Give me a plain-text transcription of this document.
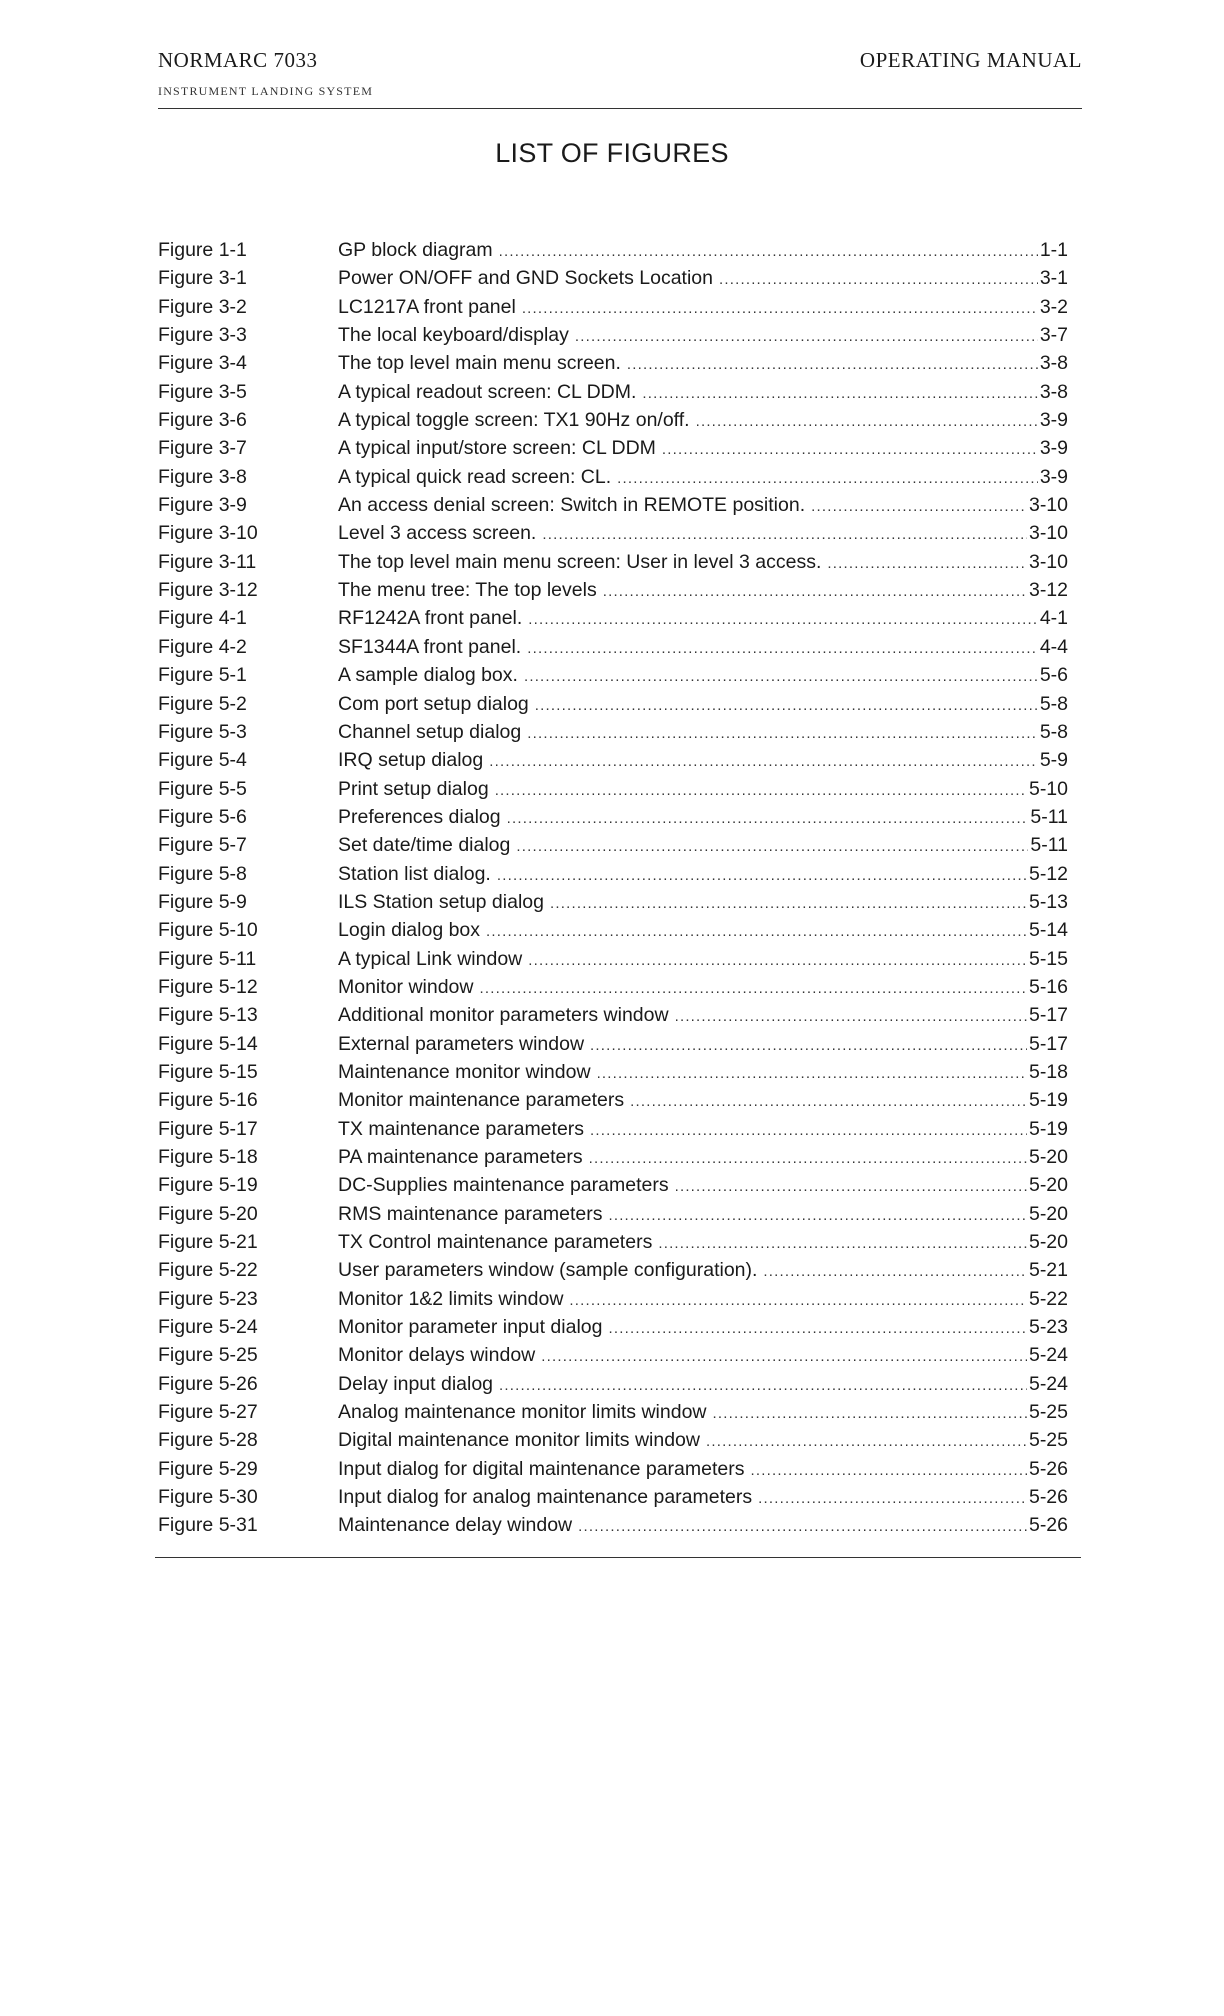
NORMARC 7033
INSTRUMENT LANDING SYSTEM
OPERATING MANUAL
LIST OF FIGURES
Figure 1-1	GP block diagram .....	1-1
Figure 3-1	Power ON/OFF and GND Sockets Location .....	3-1
Figure 3-2	LC1217A front panel .....	3-2
Figure 3-3	The local keyboard/display .....	3-7
Figure 3-4	The top level main menu screen. .....	3-8
Figure 3-5	A typical readout screen: CL DDM. .....	3-8
Figure 3-6	A typical toggle screen: TX1 90Hz on/off. .....	3-9
Figure 3-7	A typical input/store screen: CL DDM .....	3-9
Figure 3-8	A typical quick read screen: CL. .....	3-9
Figure 3-9	An access denial screen: Switch in REMOTE position. .....	3-10
Figure 3-10	Level 3 access screen. .....	3-10
Figure 3-11	The top level main menu screen: User in level 3 access. .....	3-10
Figure 3-12	The menu tree: The top levels .....	3-12
Figure 4-1	RF1242A front panel. .....	4-1
Figure 4-2	SF1344A front panel. .....	4-4
Figure 5-1	A sample dialog box. .....	5-6
Figure 5-2	Com port setup dialog .....	5-8
Figure 5-3	Channel setup dialog .....	5-8
Figure 5-4	IRQ setup dialog .....	5-9
Figure 5-5	Print setup dialog .....	5-10
Figure 5-6	Preferences dialog .....	5-11
Figure 5-7	Set date/time dialog .....	5-11
Figure 5-8	Station list dialog. .....	5-12
Figure 5-9	ILS Station setup dialog .....	5-13
Figure 5-10	Login dialog box .....	5-14
Figure 5-11	A typical Link window .....	5-15
Figure 5-12	Monitor window .....	5-16
Figure 5-13	Additional monitor parameters window .....	5-17
Figure 5-14	External parameters window .....	5-17
Figure 5-15	Maintenance monitor window .....	5-18
Figure 5-16	Monitor maintenance parameters .....	5-19
Figure 5-17	TX maintenance parameters .....	5-19
Figure 5-18	PA maintenance parameters .....	5-20
Figure 5-19	DC-Supplies maintenance parameters .....	5-20
Figure 5-20	RMS maintenance parameters .....	5-20
Figure 5-21	TX Control maintenance parameters .....	5-20
Figure 5-22	User parameters window (sample configuration). .....	5-21
Figure 5-23	Monitor 1&2 limits window .....	5-22
Figure 5-24	Monitor parameter input dialog .....	5-23
Figure 5-25	Monitor delays window .....	5-24
Figure 5-26	Delay input dialog .....	5-24
Figure 5-27	Analog maintenance monitor limits window .....	5-25
Figure 5-28	Digital maintenance monitor limits window .....	5-25
Figure 5-29	Input dialog for digital maintenance parameters .....	5-26
Figure 5-30	Input dialog for analog maintenance parameters .....	5-26
Figure 5-31	Maintenance delay window .....	5-26
